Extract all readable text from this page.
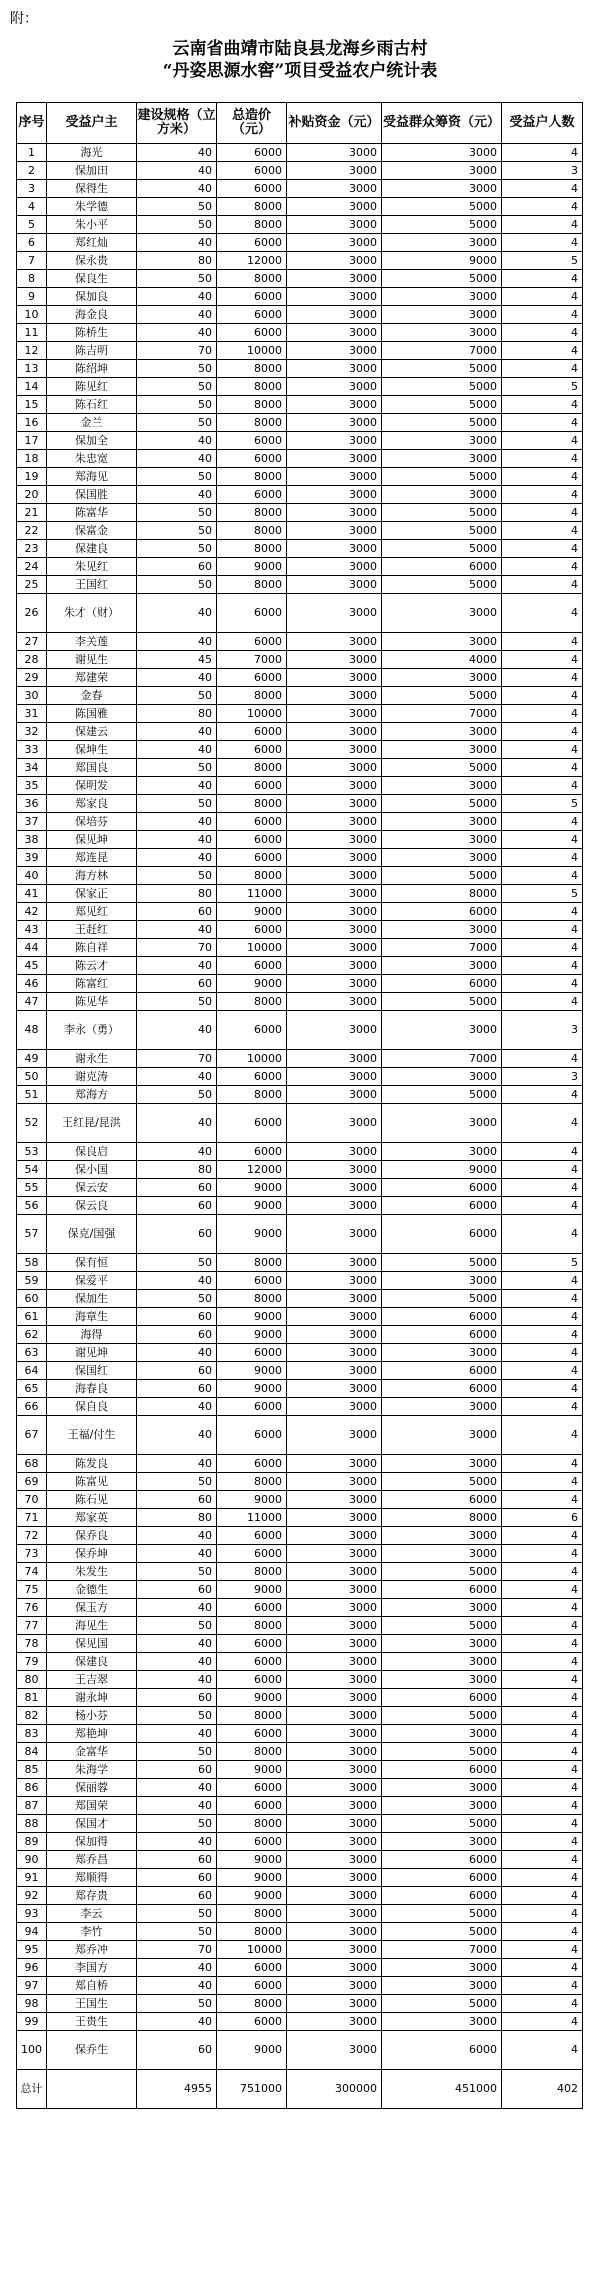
附：
云南省曲靖市陆良县龙海乡雨古村
“丹姿思源水窖”项目受益农户统计表
序号	受益户主	建设规格（立方米）	总造价（元）	补贴资金（元）	受益群众筹资（元）	受益户人数
1	海光	40	6000	3000	3000	4
2	保加田	40	6000	3000	3000	3
3	保得生	40	6000	3000	3000	4
4	朱学德	50	8000	3000	5000	4
5	朱小平	50	8000	3000	5000	4
6	郑红灿	40	6000	3000	3000	4
7	保永贵	80	12000	3000	9000	5
8	保良生	50	8000	3000	5000	4
9	保加良	40	6000	3000	3000	4
10	海金良	40	6000	3000	3000	4
11	陈桥生	40	6000	3000	3000	4
12	陈吉明	70	10000	3000	7000	4
13	陈绍坤	50	8000	3000	5000	4
14	陈见红	50	8000	3000	5000	5
15	陈石红	50	8000	3000	5000	4
16	金兰	50	8000	3000	5000	4
17	保加全	40	6000	3000	3000	4
18	朱忠宽	40	6000	3000	3000	4
19	郑海见	50	8000	3000	5000	4
20	保国胜	40	6000	3000	3000	4
21	陈富华	50	8000	3000	5000	4
22	保富金	50	8000	3000	5000	4
23	保建良	50	8000	3000	5000	4
24	朱见红	60	9000	3000	6000	4
25	王国红	50	8000	3000	5000	4
26	朱才（财）	40	6000	3000	3000	4
27	李关莲	40	6000	3000	3000	4
28	谢见生	45	7000	3000	4000	4
29	郑建荣	40	6000	3000	3000	4
30	金春	50	8000	3000	5000	4
31	陈国雅	80	10000	3000	7000	4
32	保建云	40	6000	3000	3000	4
33	保坤生	40	6000	3000	3000	4
34	郑国良	50	8000	3000	5000	4
35	保明发	40	6000	3000	3000	4
36	郑家良	50	8000	3000	5000	5
37	保培芬	40	6000	3000	3000	4
38	保见坤	40	6000	3000	3000	4
39	郑连昆	40	6000	3000	3000	4
40	海方林	50	8000	3000	5000	4
41	保家正	80	11000	3000	8000	5
42	郑见红	60	9000	3000	6000	4
43	王赶红	40	6000	3000	3000	4
44	陈自祥	70	10000	3000	7000	4
45	陈云才	40	6000	3000	3000	4
46	陈富红	60	9000	3000	6000	4
47	陈见华	50	8000	3000	5000	4
48	李永（勇）	40	6000	3000	3000	3
49	谢永生	70	10000	3000	7000	4
50	谢克涛	40	6000	3000	3000	3
51	郑海方	50	8000	3000	5000	4
52	王红昆/昆洪	40	6000	3000	3000	4
53	保良启	40	6000	3000	3000	4
54	保小国	80	12000	3000	9000	4
55	保云安	60	9000	3000	6000	4
56	保云良	60	9000	3000	6000	4
57	保克/国强	60	9000	3000	6000	4
58	保有恒	50	8000	3000	5000	5
59	保爱平	40	6000	3000	3000	4
60	保加生	50	8000	3000	5000	4
61	海章生	60	9000	3000	6000	4
62	海得	60	9000	3000	6000	4
63	谢见坤	40	6000	3000	3000	4
64	保国红	60	9000	3000	6000	4
65	海春良	60	9000	3000	6000	4
66	保自良	40	6000	3000	3000	4
67	王福/付生	40	6000	3000	3000	4
68	陈发良	40	6000	3000	3000	4
69	陈富见	50	8000	3000	5000	4
70	陈石见	60	9000	3000	6000	4
71	郑家英	80	11000	3000	8000	6
72	保乔良	40	6000	3000	3000	4
73	保乔坤	40	6000	3000	3000	4
74	朱发生	50	8000	3000	5000	4
75	金德生	60	9000	3000	6000	4
76	保玉方	40	6000	3000	3000	4
77	海见生	50	8000	3000	5000	4
78	保见国	40	6000	3000	3000	4
79	保建良	40	6000	3000	3000	4
80	王吉翠	40	6000	3000	3000	4
81	谢永坤	60	9000	3000	6000	4
82	杨小芬	50	8000	3000	5000	4
83	郑艳坤	40	6000	3000	3000	4
84	金富华	50	8000	3000	5000	4
85	朱海学	60	9000	3000	6000	4
86	保丽蓉	40	6000	3000	3000	4
87	郑国荣	40	6000	3000	3000	4
88	保国才	50	8000	3000	5000	4
89	保加得	40	6000	3000	3000	4
90	郑乔昌	60	9000	3000	6000	4
91	郑顺得	60	9000	3000	6000	4
92	郑存贵	60	9000	3000	6000	4
93	李云	50	8000	3000	5000	4
94	李竹	50	8000	3000	5000	4
95	郑乔冲	70	10000	3000	7000	4
96	李国方	40	6000	3000	3000	4
97	郑自桥	40	6000	3000	3000	4
98	王国生	50	8000	3000	5000	4
99	王贵生	40	6000	3000	3000	4
100	保乔生	60	9000	3000	6000	4
总计		4955	751000	300000	451000	402
